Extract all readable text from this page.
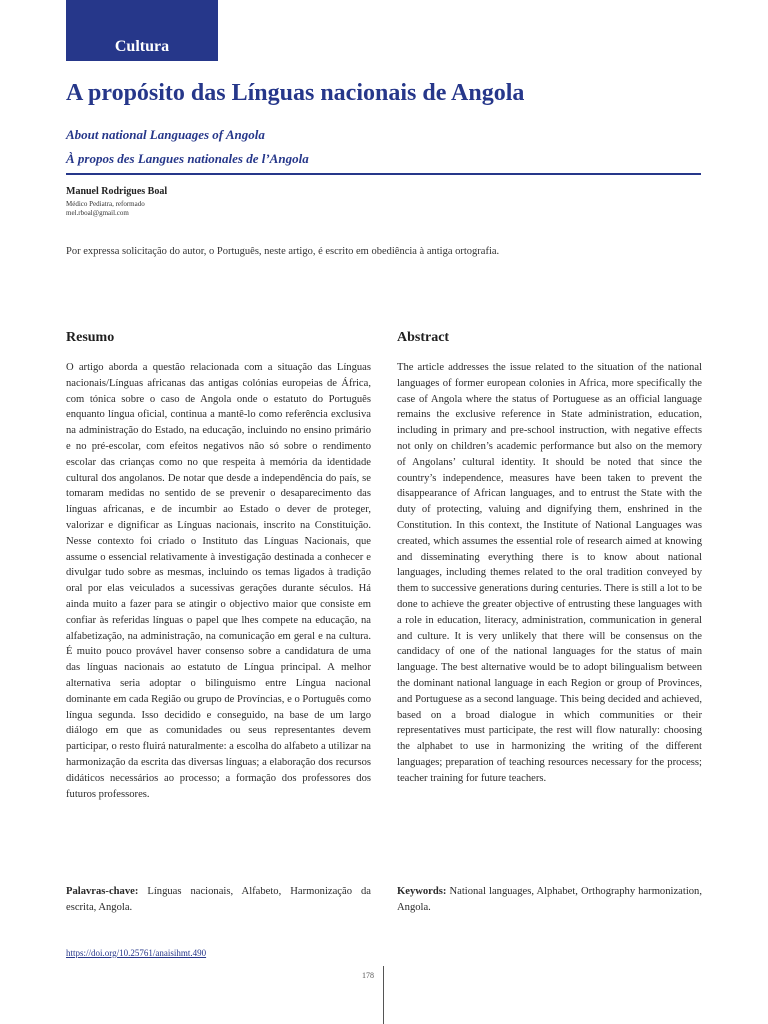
Cultura
A propósito das Línguas nacionais de Angola

About national Languages of Angola

À propos des Langues nationales de l’Angola

Manuel Rodrigues Boal
Médico Pediatra, reformado
mel.rboal@gmail.com
Por expressa solicitação do autor, o Português, neste artigo, é escrito em obediência à antiga ortografia.
Resumo

O artigo aborda a questão relacionada com a situação das Línguas nacionais/Línguas africanas das antigas colónias europeias de África, com tónica sobre o caso de Angola onde o estatuto do Português enquanto língua oficial, continua a mantê-lo como referência exclusiva na administração do Estado, na educação, incluindo no ensino primário e no pré-escolar, com efeitos negativos não só sobre o rendimento escolar das crianças como no que respeita à memória da identidade cultural dos angolanos. De notar que desde a independência do país, se tomaram medidas no sentido de se prevenir o desaparecimento das línguas africanas, e de incumbir ao Estado o dever de proteger, valorizar e dignificar as Línguas nacionais, inscrito na Constituição. Nesse contexto foi criado o Instituto das Línguas Nacionais, que assume o essencial relativamente à investigação destinada a conhecer e divulgar tudo sobre as mesmas, incluindo os temas ligados à tradição oral por elas veiculados a sucessivas gerações durante séculos. Há ainda muito a fazer para se atingir o objectivo maior que consiste em confiar às referidas línguas o papel que lhes compete na educação, na alfabetização, na administração, na comunicação em geral e na cultura. É muito pouco provável haver consenso sobre a candidatura de uma das línguas nacionais ao estatuto de Língua principal. A melhor alternativa seria adoptar o bilinguismo entre Língua nacional dominante em cada Região ou grupo de Províncias, e o Português como língua segunda. Isso decidido e conseguido, na base de um largo diálogo em que as comunidades ou seus representantes devem participar, o resto fluirá naturalmente: a escolha do alfabeto a utilizar na harmonização da escrita das diversas línguas; a elaboração dos recursos didáticos necessários ao processo; a formação dos professores dos futuros professores.

Palavras-chave: Línguas nacionais, Alfabeto, Harmonização da escrita, Angola.

Abstract

The article addresses the issue related to the situation of the national languages of former european colonies in Africa, more specifically the case of Angola where the status of Portuguese as an official language remains the exclusive reference in State administration, education, including in primary and pre-school instruction, with negative effects not only on children’s academic performance but also on the memory of Angolans’ cultural identity. It should be noted that since the country’s independence, measures have been taken to prevent the disappearance of African languages, and to entrust the State with the duty of protecting, valuing and dignifying them, enshrined in the Constitution. In this context, the Institute of National Languages was created, which assumes the essential role of research aimed at knowing and disseminating everything there is to know about national languages, including themes related to the oral tradition conveyed by them to successive generations during centuries. There is still a lot to be done to achieve the greater objective of entrusting these languages with a role in education, literacy, administration, communication in general and culture. It is very unlikely that there will be consensus on the candidacy of one of the national languages for the status of main language. The best alternative would be to adopt bilingualism between the dominant national language in each Region or group of Provinces, and Portuguese as a second language. This being decided and achieved, based on a broad dialogue in which communities or their representatives must participate, the rest will flow naturally: choosing the alphabet to use in harmonizing the writing of the different languages; preparation of teaching resources necessary for the process; teacher training for future teachers.

Keywords: National languages, Alphabet, Orthography harmonization, Angola.

https://doi.org/10.25761/anaisihmt.490
178
